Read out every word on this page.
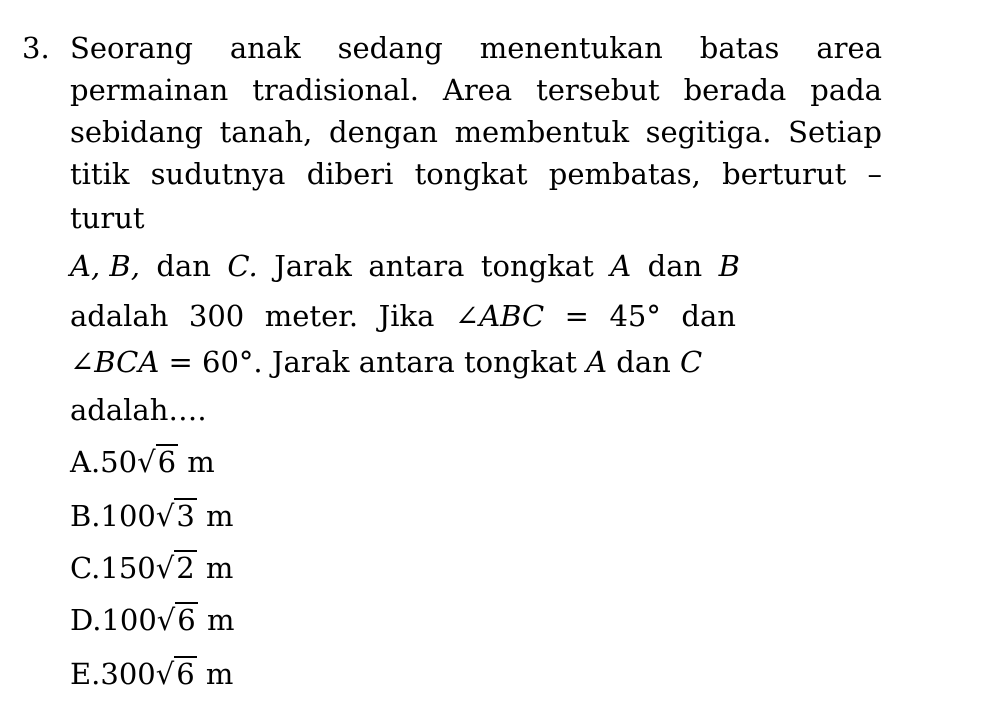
3. Seorang anak sedang menentukan batas area
permainan tradisional. Area tersebut berada pada
sebidang tanah, dengan membentuk segitiga. Setiap
titik sudutnya diberi tongkat pembatas, berturut –
turut
A, B, dan C. Jarak antara tongkat A dan B
adalah 300 meter. Jika ∠ABC = 45° dan
∠BCA = 60°. Jarak antara tongkat A dan C
adalah….
A.50√6 m
B.100√3 m
C.150√2 m
D.100√6 m
E.300√6 m
